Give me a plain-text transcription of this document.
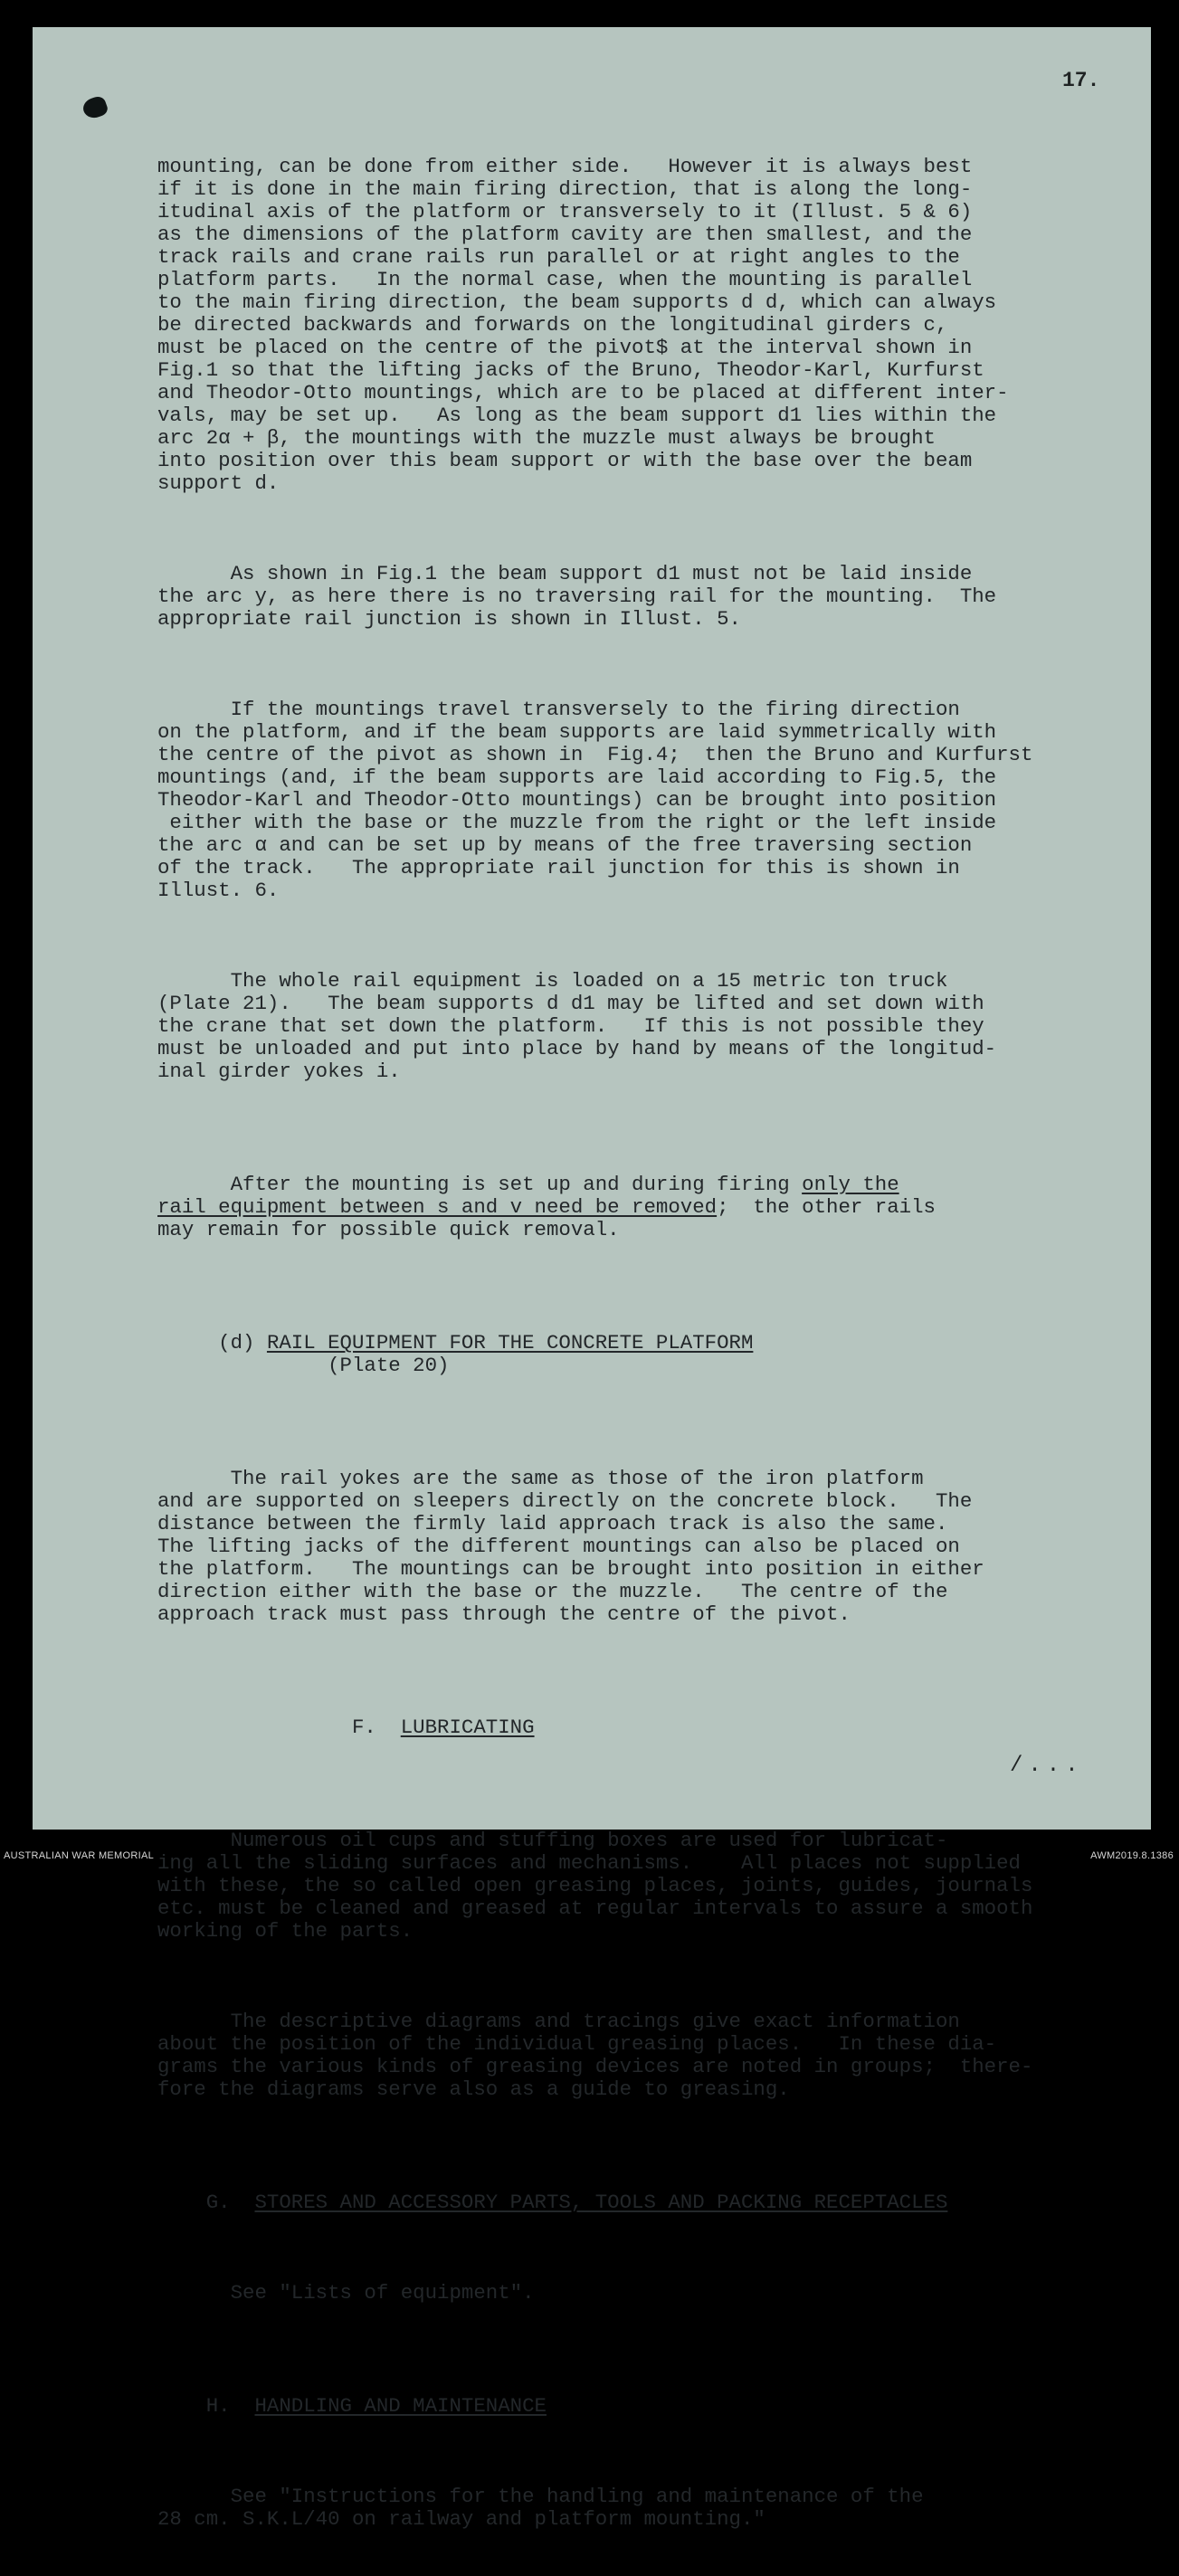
17.

mounting, can be done from either side.   However it is always best
if it is done in the main firing direction, that is along the long-
itudinal axis of the platform or transversely to it (Illust. 5 & 6)
as the dimensions of the platform cavity are then smallest, and the
track rails and crane rails run parallel or at right angles to the
platform parts.   In the normal case, when the mounting is parallel
to the main firing direction, the beam supports d d, which can always
be directed backwards and forwards on the longitudinal girders c,
must be placed on the centre of the pivot$ at the interval shown in
Fig.1 so that the lifting jacks of the Bruno, Theodor-Karl, Kurfurst
and Theodor-Otto mountings, which are to be placed at different inter-
vals, may be set up.   As long as the beam support d1 lies within the
arc 2α + β, the mountings with the muzzle must always be brought
into position over this beam support or with the base over the beam
support d.

As shown in Fig.1 the beam support d1 must not be laid inside
the arc y, as here there is no traversing rail for the mounting.  The
appropriate rail junction is shown in Illust. 5.

If the mountings travel transversely to the firing direction
on the platform, and if the beam supports are laid symmetrically with
the centre of the pivot as shown in  Fig.4;  then the Bruno and Kurfurst
mountings (and, if the beam supports are laid according to Fig.5, the
Theodor-Karl and Theodor-Otto mountings) can be brought into position
either with the base or the muzzle from the right or the left inside
the arc α and can be set up by means of the free traversing section
of the track.   The appropriate rail junction for this is shown in
Illust. 6.

The whole rail equipment is loaded on a 15 metric ton truck
(Plate 21).   The beam supports d d1 may be lifted and set down with
the crane that set down the platform.   If this is not possible they
must be unloaded and put into place by hand by means of the longitud-
inal girder yokes i.

After the mounting is set up and during firing only the
rail equipment between s and v need be removed;  the other rails
may remain for possible quick removal.

(d) RAIL EQUIPMENT FOR THE CONCRETE PLATFORM
(Plate 20)

The rail yokes are the same as those of the iron platform
and are supported on sleepers directly on the concrete block.   The
distance between the firmly laid approach track is also the same.
The lifting jacks of the different mountings can also be placed on
the platform.   The mountings can be brought into position in either
direction either with the base or the muzzle.   The centre of the
approach track must pass through the centre of the pivot.

F.  LUBRICATING

Numerous oil cups and stuffing boxes are used for lubricat-
ing all the sliding surfaces and mechanisms.    All places not supplied
with these, the so called open greasing places, joints, guides, journals
etc. must be cleaned and greased at regular intervals to assure a smooth
working of the parts.

The descriptive diagrams and tracings give exact information
about the position of the individual greasing places.   In these dia-
grams the various kinds of greasing devices are noted in groups;  there-
fore the diagrams serve also as a guide to greasing.

G.  STORES AND ACCESSORY PARTS, TOOLS AND PACKING RECEPTACLES

See "Lists of equipment".

H.  HANDLING AND MAINTENANCE

See "Instructions for the handling and maintenance of the
28 cm. S.K.L/40 on railway and platform mounting."

/...
AUSTRALIAN WAR MEMORIAL	AWM2019.8.1386
